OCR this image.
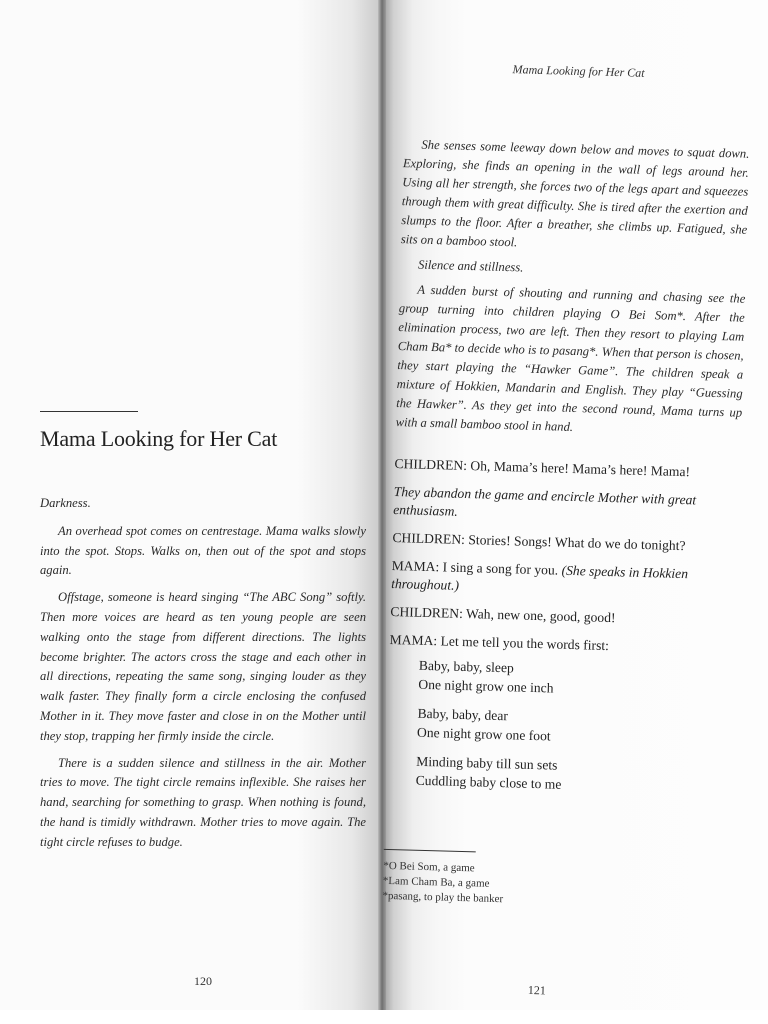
Mama Looking for Her Cat

Darkness.

An overhead spot comes on centrestage. Mama walks slowly into the spot. Stops. Walks on, then out of the spot and stops again.

Offstage, someone is heard singing “The ABC Song” softly. Then more voices are heard as ten young people are seen walking onto the stage from different directions. The lights become brighter. The actors cross the stage and each other in all directions, repeating the same song, singing louder as they walk faster. They finally form a circle enclosing the confused Mother in it. They move faster and close in on the Mother until they stop, trapping her firmly inside the circle.

There is a sudden silence and stillness in the air. Mother tries to move. The tight circle remains inflexible. She raises her hand, searching for something to grasp. When nothing is found, the hand is timidly withdrawn. Mother tries to move again. The tight circle refuses to budge.

120
Mama Looking for Her Cat

She senses some leeway down below and moves to squat down. Exploring, she finds an opening in the wall of legs around her. Using all her strength, she forces two of the legs apart and squeezes through them with great difficulty. She is tired after the exertion and slumps to the floor. After a breather, she climbs up. Fatigued, she sits on a bamboo stool.

Silence and stillness.

A sudden burst of shouting and running and chasing see the group turning into children playing O Bei Som*. After the elimination process, two are left. Then they resort to playing Lam Cham Ba* to decide who is to pasang*. When that person is chosen, they start playing the “Hawker Game”. The children speak a mixture of Hokkien, Mandarin and English. They play “Guessing the Hawker”. As they get into the second round, Mama turns up with a small bamboo stool in hand.

CHILDREN: Oh, Mama’s here! Mama’s here! Mama!
They abandon the game and encircle Mother with great enthusiasm.
CHILDREN: Stories! Songs! What do we do tonight?
MAMA: I sing a song for you. (She speaks in Hokkien throughout.)
CHILDREN: Wah, new one, good, good!
MAMA: Let me tell you the words first:
Baby, baby, sleep
One night grow one inch
Baby, baby, dear
One night grow one foot
Minding baby till sun sets
Cuddling baby close to me
*O Bei Som, a game
*Lam Cham Ba, a game
*pasang, to play the banker
121
